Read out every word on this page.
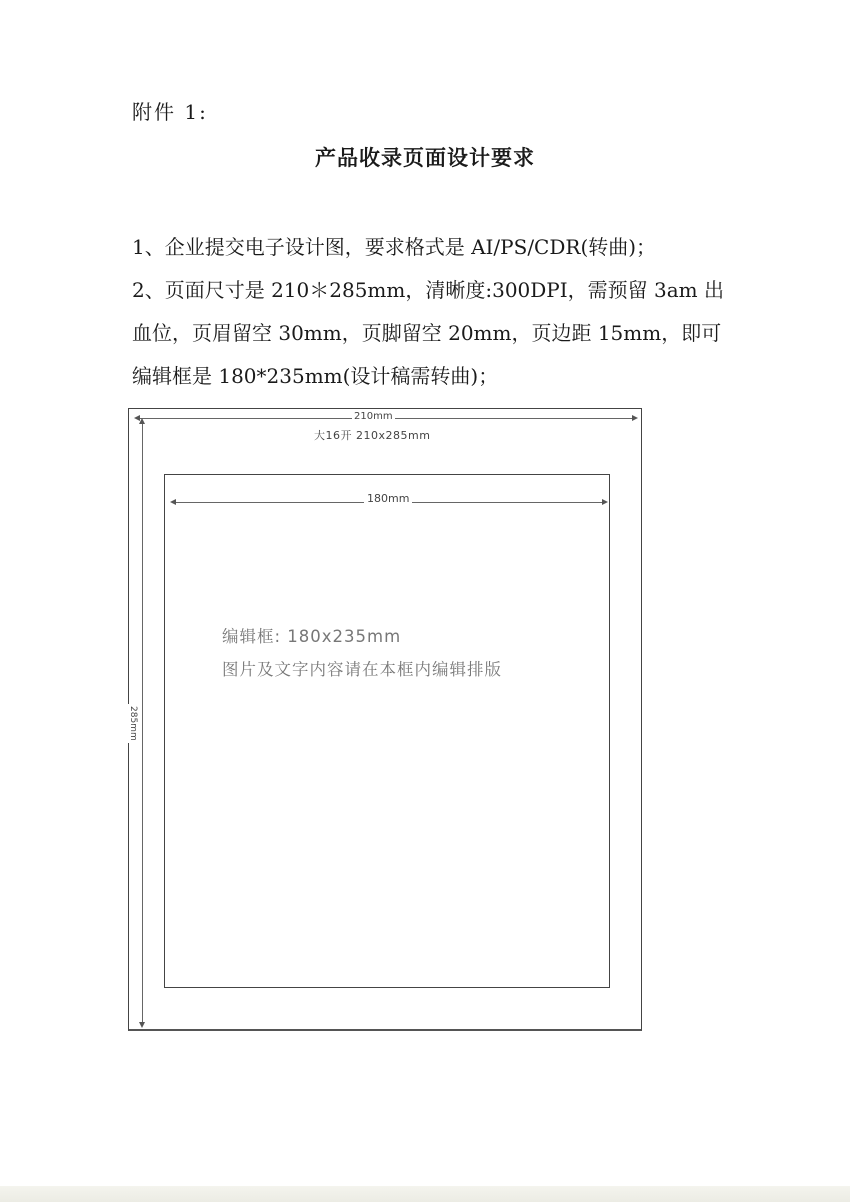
附件 1:
产品收录页面设计要求

1、企业提交电子设计图，要求格式是 AI/PS/CDR(转曲)；

2、页面尺寸是 210＊285mm，清晰度:300DPI，需预留 3am 出血位，页眉留空 30mm，页脚留空 20mm，页边距 15mm，即可编辑框是 180*235mm(设计稿需转曲)；

210mm
大16开 210x285mm
285mm
180mm
编辑框: 180x235mm
图片及文字内容请在本框内编辑排版
